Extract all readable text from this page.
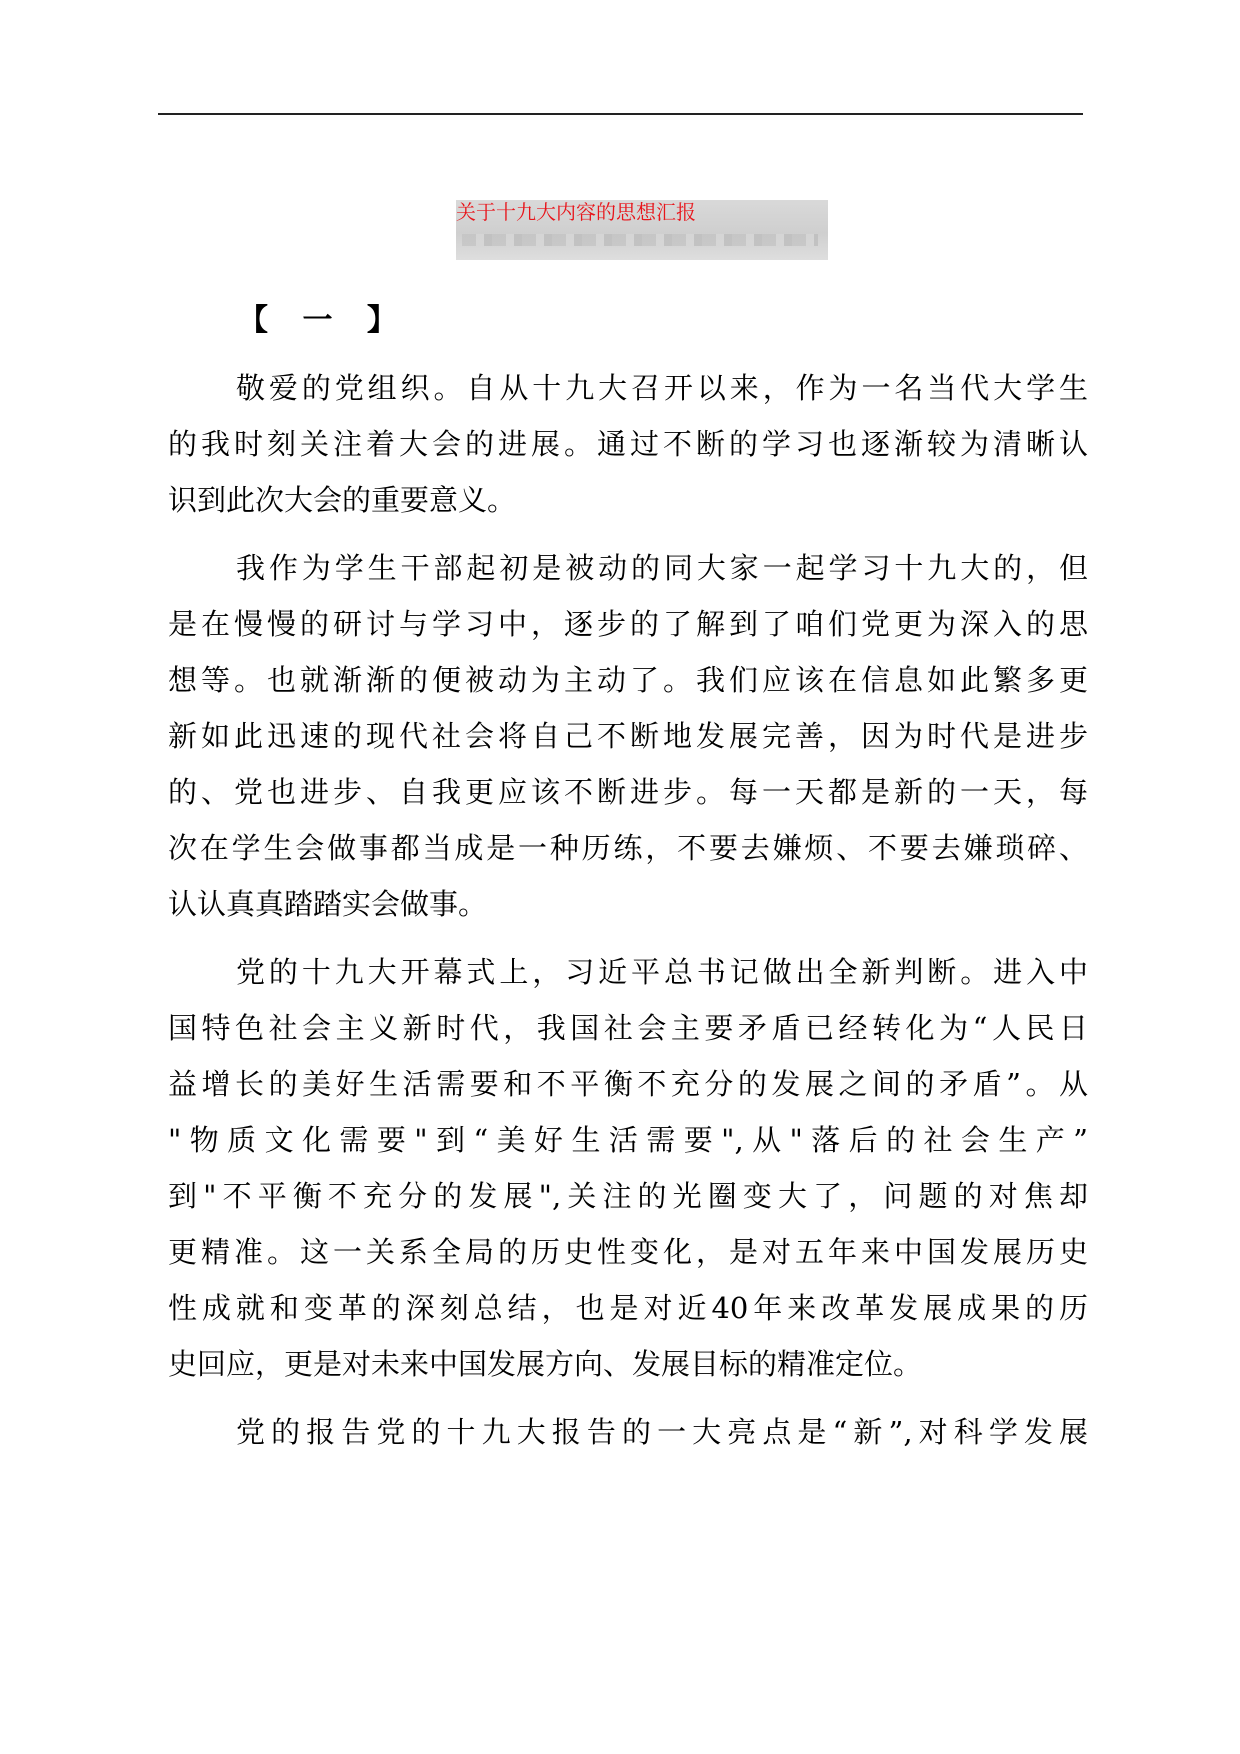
关于十九大内容的思想汇报
【 一 】
敬爱的党组织。自从十九大召开以来，作为一名当代大学生
的我时刻关注着大会的进展。通过不断的学习也逐渐较为清晰认
识到此次大会的重要意义。
我作为学生干部起初是被动的同大家一起学习十九大的，但
是在慢慢的研讨与学习中，逐步的了解到了咱们党更为深入的思
想等。也就渐渐的便被动为主动了。我们应该在信息如此繁多更
新如此迅速的现代社会将自己不断地发展完善，因为时代是进步
的、党也进步、自我更应该不断进步。每一天都是新的一天，每
次在学生会做事都当成是一种历练，不要去嫌烦、不要去嫌琐碎、
认认真真踏踏实会做事。
党的十九大开幕式上，习近平总书记做出全新判断。进入中
国特色社会主义新时代，我国社会主要矛盾已经转化为“人民日
益增长的美好生活需要和不平衡不充分的发展之间的矛盾”。从
"物质文化需要"到“美好生活需要",从"落后的社会生产”
到"不平衡不充分的发展",关注的光圈变大了，问题的对焦却
更精准。这一关系全局的历史性变化，是对五年来中国发展历史
性成就和变革的深刻总结，也是对近40年来改革发展成果的历
史回应，更是对未来中国发展方向、发展目标的精准定位。
党的报告党的十九大报告的一大亮点是“新”,对科学发展
